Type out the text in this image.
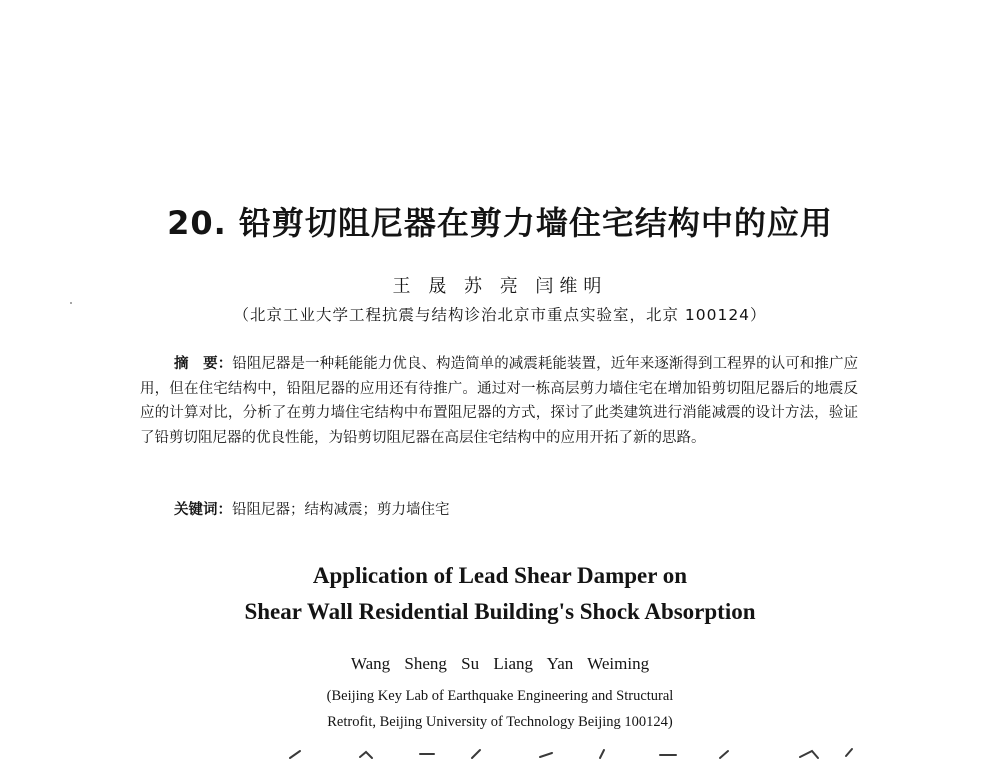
20. 铅剪切阻尼器在剪力墙住宅结构中的应用
王 晟 苏 亮 闫维明
（北京工业大学工程抗震与结构诊治北京市重点实验室，北京 100124）
摘　要：铅阻尼器是一种耗能能力优良、构造简单的减震耗能装置，近年来逐渐得到工程界的认可和推广应用，但在住宅结构中，铅阻尼器的应用还有待推广。通过对一栋高层剪力墙住宅在增加铅剪切阻尼器后的地震反应的计算对比，分析了在剪力墙住宅结构中布置阻尼器的方式，探讨了此类建筑进行消能减震的设计方法，验证了铅剪切阻尼器的优良性能，为铅剪切阻尼器在高层住宅结构中的应用开拓了新的思路。
关键词：铅阻尼器；结构减震；剪力墙住宅
Application of Lead Shear Damper on
Shear Wall Residential Building's Shock Absorption
Wang Sheng Su Liang Yan Weiming
(Beijing Key Lab of Earthquake Engineering and Structural
Retrofit, Beijing University of Technology Beijing 100124)
